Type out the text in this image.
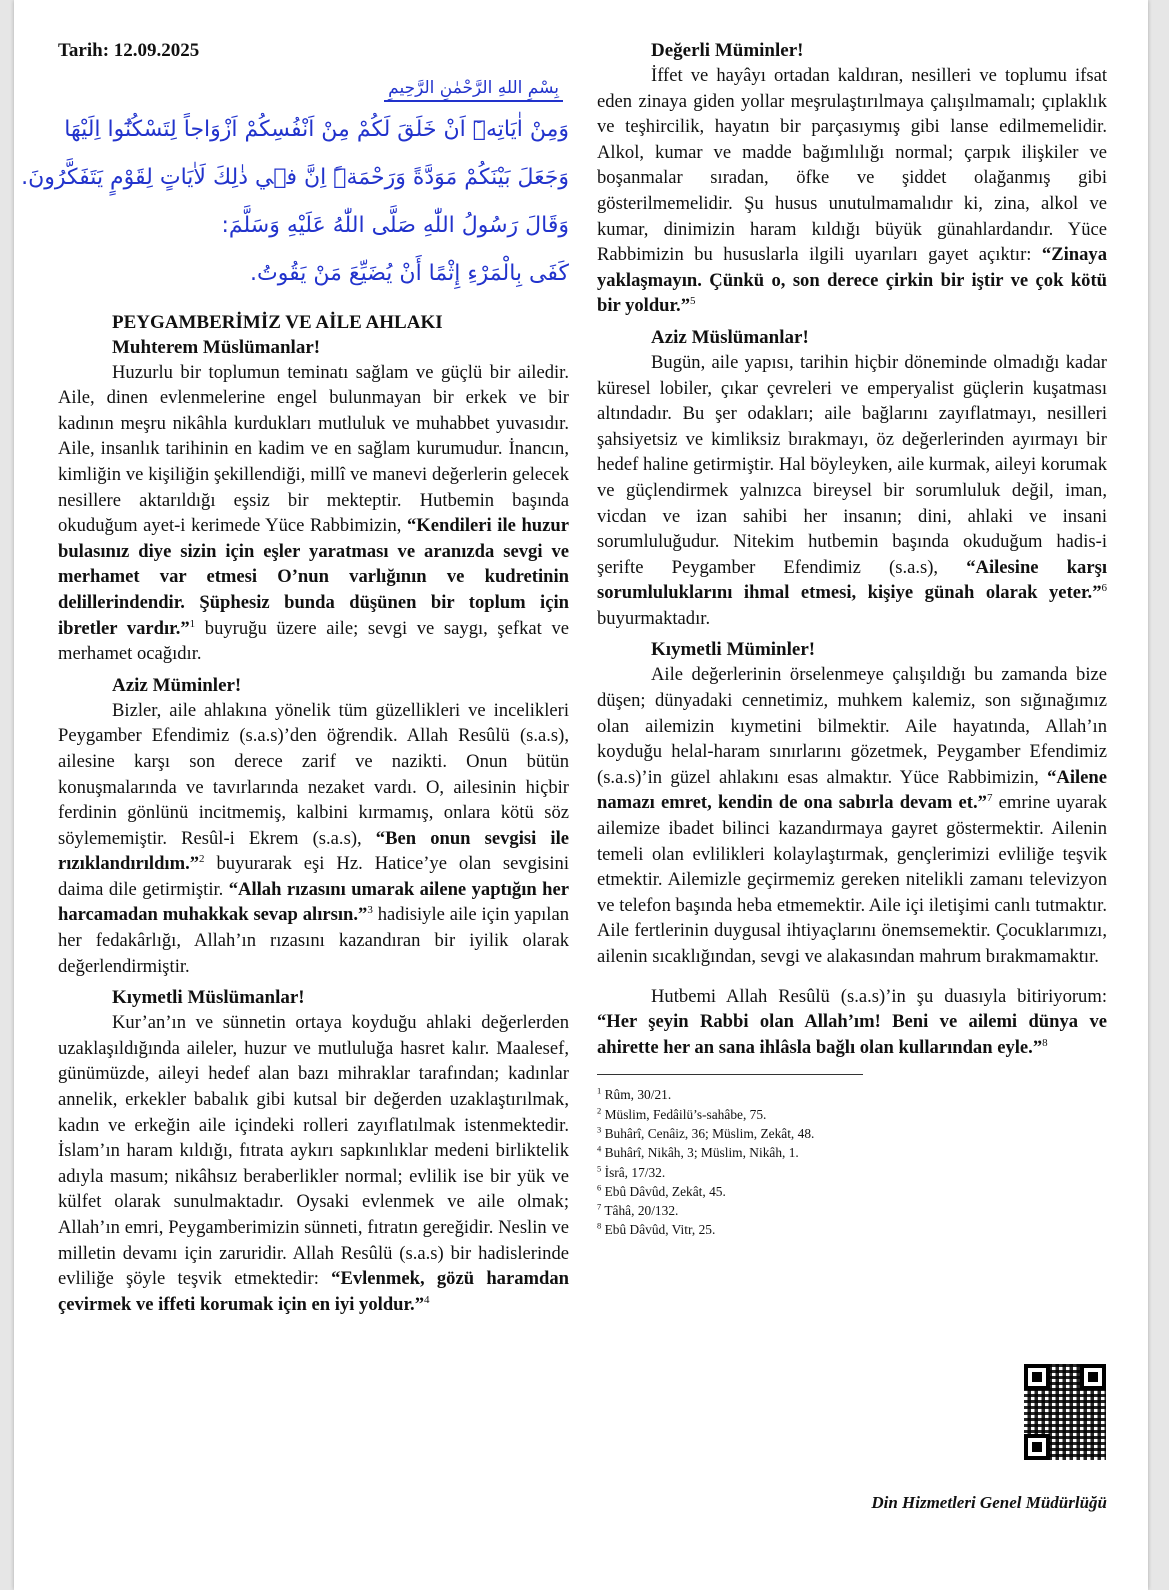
Tarih: 12.09.2025
بِسْمِ اللهِ الرَّحْمٰنِ الرَّحِيمِ

وَمِنْ اٰيَاتِه۪ٓ اَنْ خَلَقَ لَكُمْ مِنْ اَنْفُسِكُمْ اَزْوَاجاً لِتَسْكُنُٓوا اِلَيْهَا

وَجَعَلَ بَيْنَكُمْ مَوَدَّةً وَرَحْمَةًۜ اِنَّ ف۪ي ذٰلِكَ لَاٰيَاتٍ لِقَوْمٍ يَتَفَكَّرُونَ.

وَقَالَ رَسُولُ اللّٰهِ صَلَّى اللّٰهُ عَلَيْهِ وَسَلَّمَ:

كَفَى بِالْمَرْءِ إِثْمًا أَنْ يُضَيِّعَ مَنْ يَقُوتُ.

PEYGAMBERİMİZ VE AİLE AHLAKI
Muhterem Müslümanlar!

Huzurlu bir toplumun teminatı sağlam ve güçlü bir ailedir. Aile, dinen evlenmelerine engel bulunmayan bir erkek ve bir kadının meşru nikâhla kurdukları mutluluk ve muhabbet yuvasıdır. Aile, insanlık tarihinin en kadim ve en sağlam kurumudur. İnancın, kimliğin ve kişiliğin şekillendiği, millî ve manevi değerlerin gelecek nesillere aktarıldığı eşsiz bir mekteptir. Hutbemin başında okuduğum ayet-i kerimede Yüce Rabbimizin, “Kendileri ile huzur bulasınız diye sizin için eşler yaratması ve aranızda sevgi ve merhamet var etmesi O’nun varlığının ve kudretinin delillerindendir. Şüphesiz bunda düşünen bir toplum için ibretler vardır.”$^1$ buyruğu üzere aile; sevgi ve saygı, şefkat ve merhamet ocağıdır.

Aziz Müminler!

Bizler, aile ahlakına yönelik tüm güzellikleri ve incelikleri Peygamber Efendimiz (s.a.s)’den öğrendik. Allah Resûlü (s.a.s), ailesine karşı son derece zarif ve nazikti. Onun bütün konuşmalarında ve tavırlarında nezaket vardı. O, ailesinin hiçbir ferdinin gönlünü incitmemiş, kalbini kırmamış, onlara kötü söz söylememiştir. Resûl-i Ekrem (s.a.s), “Ben onun sevgisi ile rızıklandırıldım.”$^2$ buyurarak eşi Hz. Hatice’ye olan sevgisini daima dile getirmiştir. “Allah rızasını umarak ailene yaptığın her harcamadan muhakkak sevap alırsın.”$^3$ hadisiyle aile için yapılan her fedakârlığı, Allah’ın rızasını kazandıran bir iyilik olarak değerlendirmiştir.

Kıymetli Müslümanlar!

Kur’an’ın ve sünnetin ortaya koyduğu ahlaki değerlerden uzaklaşıldığında aileler, huzur ve mutluluğa hasret kalır. Maalesef, günümüzde, aileyi hedef alan bazı mihraklar tarafından; kadınlar annelik, erkekler babalık gibi kutsal bir değerden uzaklaştırılmak, kadın ve erkeğin aile içindeki rolleri zayıflatılmak istenmektedir. İslam’ın haram kıldığı, fıtrata aykırı sapkınlıklar medeni birliktelik adıyla masum; nikâhsız beraberlikler normal; evlilik ise bir yük ve külfet olarak sunulmaktadır. Oysaki evlenmek ve aile olmak; Allah’ın emri, Peygamberimizin sünneti, fıtratın gereğidir. Neslin ve milletin devamı için zaruridir. Allah Resûlü (s.a.s) bir hadislerinde evliliğe şöyle teşvik etmektedir: “Evlenmek, gözü haramdan çevirmek ve iffeti korumak için en iyi yoldur.”$^4$

Değerli Müminler!

İffet ve hayâyı ortadan kaldıran, nesilleri ve toplumu ifsat eden zinaya giden yollar meşrulaştırılmaya çalışılmamalı; çıplaklık ve teşhircilik, hayatın bir parçasıymış gibi lanse edilmemelidir. Alkol, kumar ve madde bağımlılığı normal; çarpık ilişkiler ve boşanmalar sıradan, öfke ve şiddet olağanmış gibi gösterilmemelidir. Şu husus unutulmamalıdır ki, zina, alkol ve kumar, dinimizin haram kıldığı büyük günahlardandır. Yüce Rabbimizin bu hususlarla ilgili uyarıları gayet açıktır: “Zinaya yaklaşmayın. Çünkü o, son derece çirkin bir iştir ve çok kötü bir yoldur.”$^5$

Aziz Müslümanlar!

Bugün, aile yapısı, tarihin hiçbir döneminde olmadığı kadar küresel lobiler, çıkar çevreleri ve emperyalist güçlerin kuşatması altındadır. Bu şer odakları; aile bağlarını zayıflatmayı, nesilleri şahsiyetsiz ve kimliksiz bırakmayı, öz değerlerinden ayırmayı bir hedef haline getirmiştir. Hal böyleyken, aile kurmak, aileyi korumak ve güçlendirmek yalnızca bireysel bir sorumluluk değil, iman, vicdan ve izan sahibi her insanın; dini, ahlaki ve insani sorumluluğudur. Nitekim hutbemin başında okuduğum hadis-i şerifte Peygamber Efendimiz (s.a.s), “Ailesine karşı sorumluluklarını ihmal etmesi, kişiye günah olarak yeter.”$^6$ buyurmaktadır.

Kıymetli Müminler!

Aile değerlerinin örselenmeye çalışıldığı bu zamanda bize düşen; dünyadaki cennetimiz, muhkem kalemiz, son sığınağımız olan ailemizin kıymetini bilmektir. Aile hayatında, Allah’ın koyduğu helal-haram sınırlarını gözetmek, Peygamber Efendimiz (s.a.s)’in güzel ahlakını esas almaktır. Yüce Rabbimizin, “Ailene namazı emret, kendin de ona sabırla devam et.”$^7$ emrine uyarak ailemize ibadet bilinci kazandırmaya gayret göstermektir. Ailenin temeli olan evlilikleri kolaylaştırmak, gençlerimizi evliliğe teşvik etmektir. Ailemizle geçirmemiz gereken nitelikli zamanı televizyon ve telefon başında heba etmemektir. Aile içi iletişimi canlı tutmaktır. Aile fertlerinin duygusal ihtiyaçlarını önemsemektir. Çocuklarımızı, ailenin sıcaklığından, sevgi ve alakasından mahrum bırakmamaktır.

Hutbemi Allah Resûlü (s.a.s)’in şu duasıyla bitiriyorum: “Her şeyin Rabbi olan Allah’ım! Beni ve ailemi dünya ve ahirette her an sana ihlâsla bağlı olan kullarından eyle.”$^8$

$^1$ Rûm, 30/21.
$^2$ Müslim, Fedâilü’s-sahâbe, 75.
$^3$ Buhârî, Cenâiz, 36; Müslim, Zekât, 48.
$^4$ Buhârî, Nikâh, 3; Müslim, Nikâh, 1.
$^5$ İsrâ, 17/32.
$^6$ Ebû Dâvûd, Zekât, 45.
$^7$ Tâhâ, 20/132.
$^8$ Ebû Dâvûd, Vitr, 25.
Din Hizmetleri Genel Müdürlüğü
